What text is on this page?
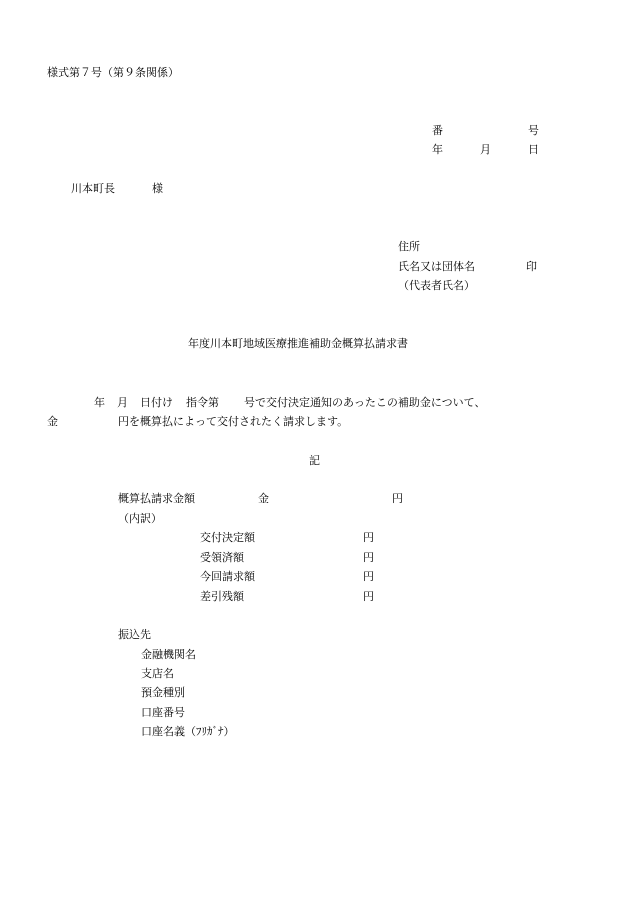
様式第７号（第９条関係）
番	号
年	月	日
川本町長	様
住所
氏名又は団体名	印
（代表者氏名）
年度川本町地域医療推進補助金概算払請求書
年 月 日付け 指令第 号で交付決定通知のあったこの補助金について、
金	円を概算払によって交付されたく請求します。
記
概算払請求金額	金	円
（内訳）
交付決定額	円
受領済額	円
今回請求額	円
差引残額	円
振込先
金融機関名
支店名
預金種別
口座番号
口座名義（ﾌﾘｶﾞﾅ）
